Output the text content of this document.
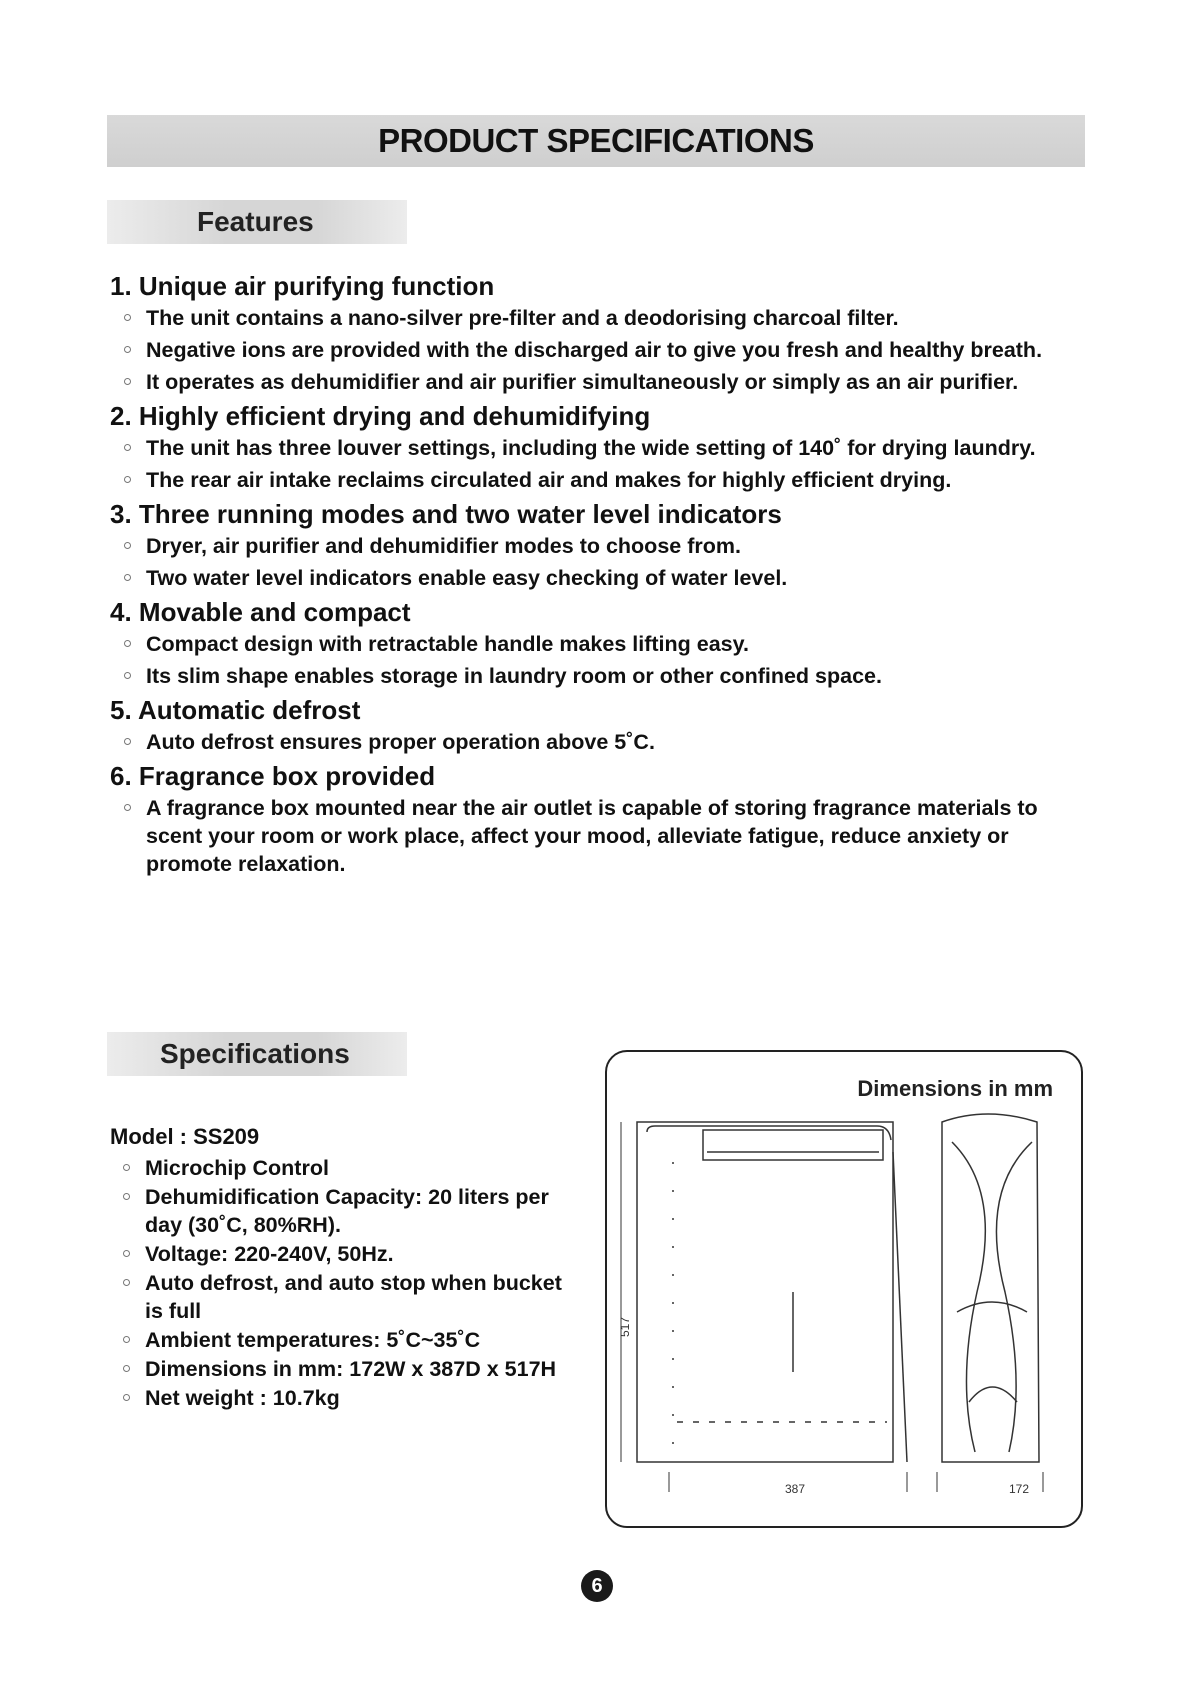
PRODUCT SPECIFICATIONS
Features

1. Unique air purifying function

The unit contains a nano-silver pre-filter and a deodorising charcoal filter.
Negative ions are provided with the discharged air to give you fresh and healthy breath.
It operates as dehumidifier and air purifier simultaneously or simply as an air purifier.

2. Highly efficient drying and dehumidifying

The unit has three louver settings, including the wide setting of 140˚ for drying laundry.
The rear air intake reclaims circulated air and makes for highly efficient drying.

3. Three running modes and two water level indicators

Dryer, air purifier and dehumidifier modes to choose from.
Two water level indicators enable easy checking of water level.

4. Movable and compact

Compact design with retractable handle makes lifting easy.
Its slim shape enables storage in laundry room or other confined space.

5. Automatic defrost

Auto defrost ensures proper operation above 5˚C.

6. Fragrance box provided

A fragrance box mounted near the air outlet is capable of storing fragrance materials to scent your room or work place, affect your mood, alleviate fatigue, reduce anxiety or promote relaxation.
Specifications

Model : SS209

Microchip Control
Dehumidification Capacity: 20 liters per day (30˚C, 80%RH).
Voltage: 220-240V, 50Hz.
Auto defrost, and auto stop when bucket is full
Ambient temperatures: 5˚C~35˚C
Dimensions in mm: 172W x 387D x 517H
Net weight : 10.7kg
Dimensions in mm
517
387	172
6
